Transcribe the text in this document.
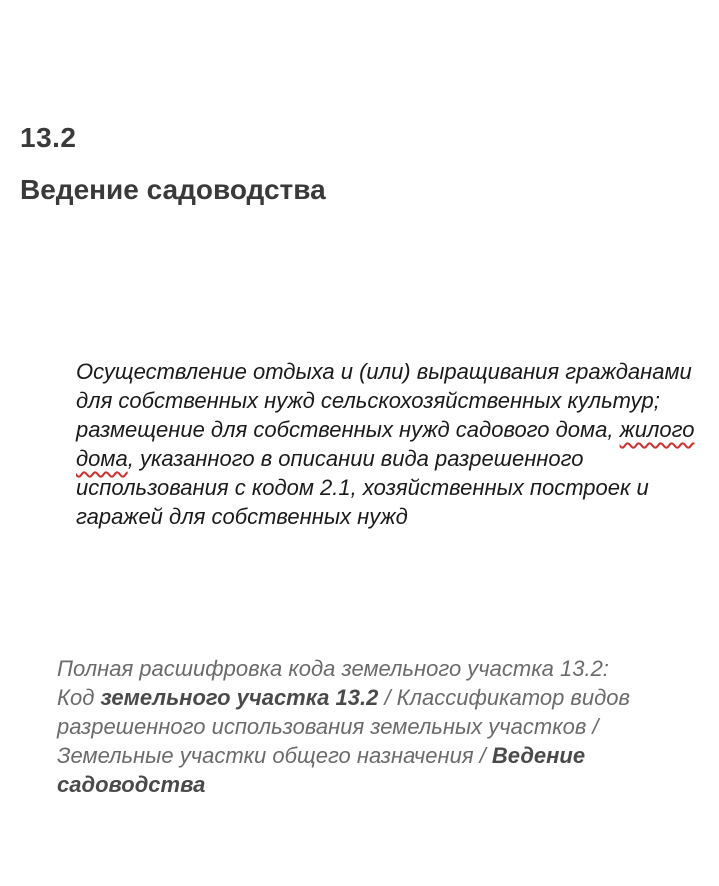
13.2
Ведение садоводства
Осуществление отдыха и (или) выращивания гражданами для собственных нужд сельскохозяйственных культур; размещение для собственных нужд садового дома, жилого дома, указанного в описании вида разрешенного использования с кодом 2.1, хозяйственных построек и гаражей для собственных нужд
Полная расшифровка кода земельного участка 13.2:
Код земельного участка 13.2 / Классификатор видов разрешенного использования земельных участков / Земельные участки общего назначения / Ведение садоводства
